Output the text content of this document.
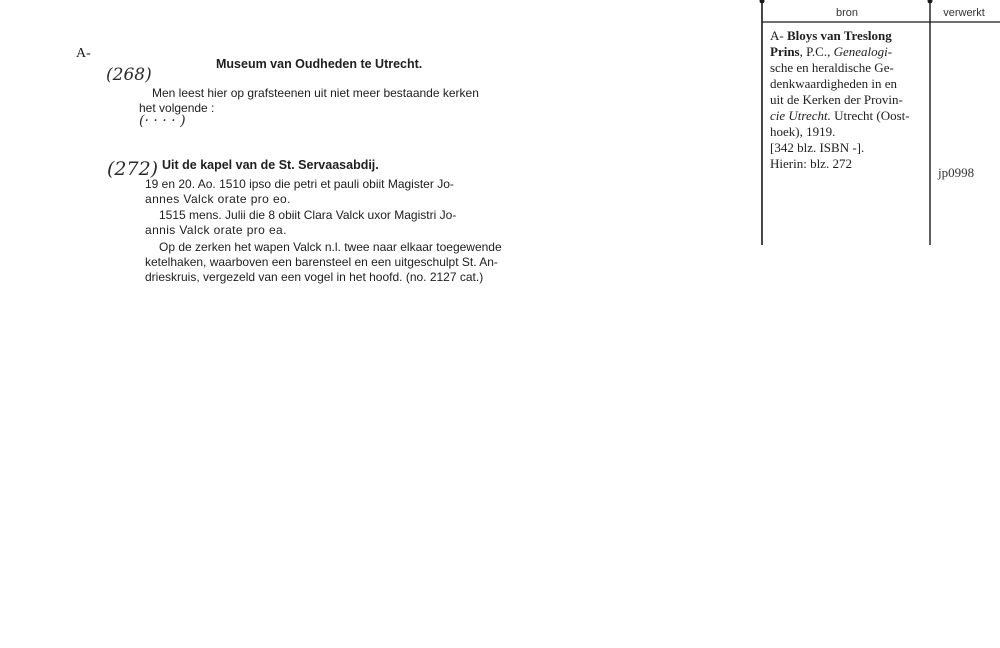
A-
(268)
(· · · · )
(272)
Museum van Oudheden te Utrecht.
Men leest hier op grafsteenen uit niet meer bestaande kerken
het volgende :
Uit de kapel van de St. Servaasabdij.
19 en 20. Ao. 1510 ipso die petri et pauli obiit Magister Jo-
annes Valck orate pro eo.
1515 mens. Julii die 8 obiit Clara Valck uxor Magistri Jo-
annis Valck orate pro ea.
Op de zerken het wapen Valck n.l. twee naar elkaar toegewende
ketelhaken, waarboven een barensteel en een uitgeschulpt St. An-
drieskruis, vergezeld van een vogel in het hoofd. (no. 2127 cat.)
bron	verwerkt
A- Bloys van Treslong
Prins, P.C., Genealogi-
sche en heraldische Ge-
denkwaardigheden in en
uit de Kerken der Provin-
cie Utrecht. Utrecht (Oost-
hoek), 1919.
[342 blz. ISBN -].
Hierin: blz. 272
jp0998
